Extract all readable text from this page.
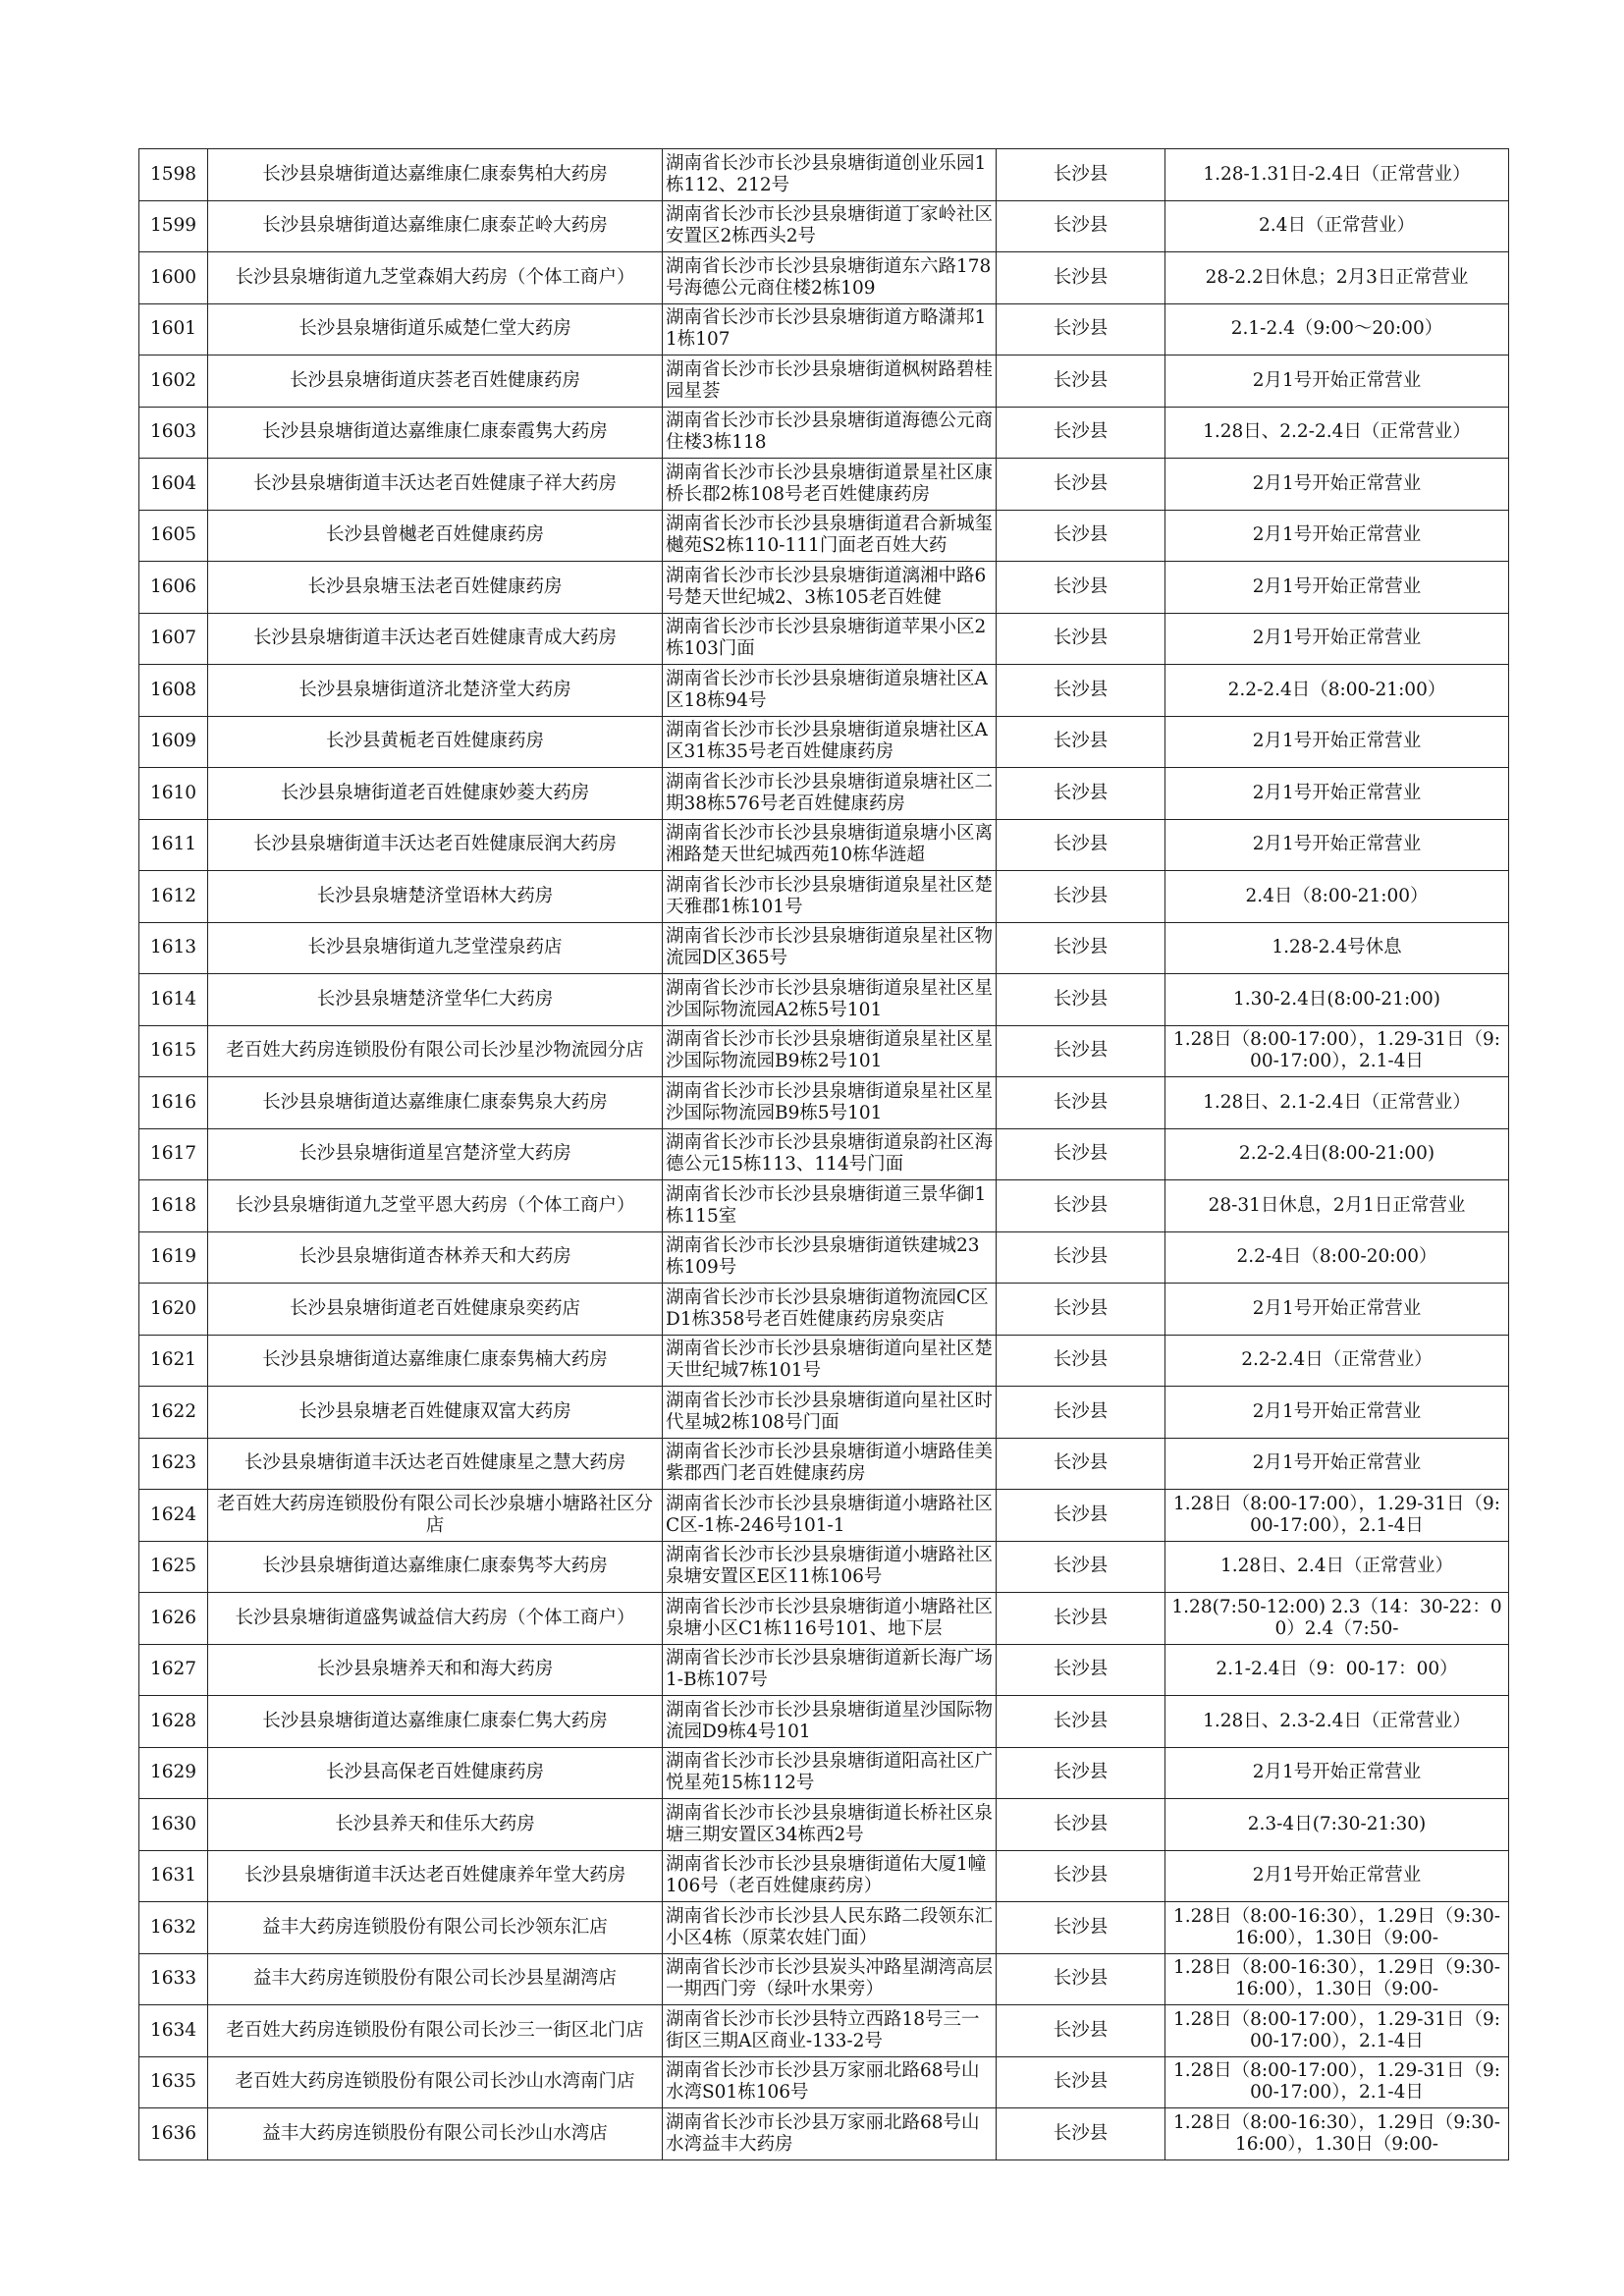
1598	长沙县泉塘街道达嘉维康仁康泰隽柏大药房	湖南省长沙市长沙县泉塘街道创业乐园1栋112、212号	长沙县	1.28-1.31日-2.4日（正常营业）

1599	长沙县泉塘街道达嘉维康仁康泰芷岭大药房	湖南省长沙市长沙县泉塘街道丁家岭社区安置区2栋西头2号	长沙县	2.4日（正常营业）

1600	长沙县泉塘街道九芝堂森娟大药房（个体工商户）	湖南省长沙市长沙县泉塘街道东六路178号海德公元商住楼2栋109	长沙县	28-2.2日休息；2月3日正常营业

1601	长沙县泉塘街道乐威楚仁堂大药房	湖南省长沙市长沙县泉塘街道方略潇邦11栋107	长沙县	2.1-2.4（9:00～20:00）

1602	长沙县泉塘街道庆荟老百姓健康药房	湖南省长沙市长沙县泉塘街道枫树路碧桂园星荟	长沙县	2月1号开始正常营业

1603	长沙县泉塘街道达嘉维康仁康泰霞隽大药房	湖南省长沙市长沙县泉塘街道海德公元商住楼3栋118	长沙县	1.28日、2.2-2.4日（正常营业）

1604	长沙县泉塘街道丰沃达老百姓健康子祥大药房	湖南省长沙市长沙县泉塘街道景星社区康桥长郡2栋108号老百姓健康药房	长沙县	2月1号开始正常营业

1605	长沙县曾樾老百姓健康药房	湖南省长沙市长沙县泉塘街道君合新城玺樾苑S2栋110-111门面老百姓大药	长沙县	2月1号开始正常营业

1606	长沙县泉塘玉法老百姓健康药房	湖南省长沙市长沙县泉塘街道漓湘中路6号楚天世纪城2、3栋105老百姓健	长沙县	2月1号开始正常营业

1607	长沙县泉塘街道丰沃达老百姓健康青成大药房	湖南省长沙市长沙县泉塘街道苹果小区2栋103门面	长沙县	2月1号开始正常营业

1608	长沙县泉塘街道济北楚济堂大药房	湖南省长沙市长沙县泉塘街道泉塘社区A区18栋94号	长沙县	2.2-2.4日（8:00-21:00）

1609	长沙县黄栀老百姓健康药房	湖南省长沙市长沙县泉塘街道泉塘社区A区31栋35号老百姓健康药房	长沙县	2月1号开始正常营业

1610	长沙县泉塘街道老百姓健康妙菱大药房	湖南省长沙市长沙县泉塘街道泉塘社区二期38栋576号老百姓健康药房	长沙县	2月1号开始正常营业

1611	长沙县泉塘街道丰沃达老百姓健康辰润大药房	湖南省长沙市长沙县泉塘街道泉塘小区离湘路楚天世纪城西苑10栋华涟超	长沙县	2月1号开始正常营业

1612	长沙县泉塘楚济堂语林大药房	湖南省长沙市长沙县泉塘街道泉星社区楚天雅郡1栋101号	长沙县	2.4日（8:00-21:00）

1613	长沙县泉塘街道九芝堂滢泉药店	湖南省长沙市长沙县泉塘街道泉星社区物流园D区365号	长沙县	1.28-2.4号休息

1614	长沙县泉塘楚济堂华仁大药房	湖南省长沙市长沙县泉塘街道泉星社区星沙国际物流园A2栋5号101	长沙县	1.30-2.4日(8:00-21:00)

1615	老百姓大药房连锁股份有限公司长沙星沙物流园分店	湖南省长沙市长沙县泉塘街道泉星社区星沙国际物流园B9栋2号101	长沙县	1.28日（8:00-17:00），1.29-31日（9:00-17:00），2.1-4日

1616	长沙县泉塘街道达嘉维康仁康泰隽泉大药房	湖南省长沙市长沙县泉塘街道泉星社区星沙国际物流园B9栋5号101	长沙县	1.28日、2.1-2.4日（正常营业）

1617	长沙县泉塘街道星宫楚济堂大药房	湖南省长沙市长沙县泉塘街道泉韵社区海德公元15栋113、114号门面	长沙县	2.2-2.4日(8:00-21:00)

1618	长沙县泉塘街道九芝堂平恩大药房（个体工商户）	湖南省长沙市长沙县泉塘街道三景华御1栋115室	长沙县	28-31日休息，2月1日正常营业

1619	长沙县泉塘街道杏林养天和大药房	湖南省长沙市长沙县泉塘街道铁建城23栋109号	长沙县	2.2-4日（8:00-20:00）

1620	长沙县泉塘街道老百姓健康泉奕药店	湖南省长沙市长沙县泉塘街道物流园C区D1栋358号老百姓健康药房泉奕店	长沙县	2月1号开始正常营业

1621	长沙县泉塘街道达嘉维康仁康泰隽楠大药房	湖南省长沙市长沙县泉塘街道向星社区楚天世纪城7栋101号	长沙县	2.2-2.4日（正常营业）

1622	长沙县泉塘老百姓健康双富大药房	湖南省长沙市长沙县泉塘街道向星社区时代星城2栋108号门面	长沙县	2月1号开始正常营业

1623	长沙县泉塘街道丰沃达老百姓健康星之慧大药房	湖南省长沙市长沙县泉塘街道小塘路佳美紫郡西门老百姓健康药房	长沙县	2月1号开始正常营业

1624	老百姓大药房连锁股份有限公司长沙泉塘小塘路社区分店	湖南省长沙市长沙县泉塘街道小塘路社区C区-1栋-246号101-1	长沙县	1.28日（8:00-17:00），1.29-31日（9:00-17:00），2.1-4日

1625	长沙县泉塘街道达嘉维康仁康泰隽芩大药房	湖南省长沙市长沙县泉塘街道小塘路社区泉塘安置区E区11栋106号	长沙县	1.28日、2.4日（正常营业）

1626	长沙县泉塘街道盛隽诚益信大药房（个体工商户）	湖南省长沙市长沙县泉塘街道小塘路社区泉塘小区C1栋116号101、地下层	长沙县	1.28(7:50-12:00) 2.3（14：30-22：00）2.4（7:50-

1627	长沙县泉塘养天和和海大药房	湖南省长沙市长沙县泉塘街道新长海广场1-B栋107号	长沙县	2.1-2.4日（9：00-17：00）

1628	长沙县泉塘街道达嘉维康仁康泰仁隽大药房	湖南省长沙市长沙县泉塘街道星沙国际物流园D9栋4号101	长沙县	1.28日、2.3-2.4日（正常营业）

1629	长沙县高保老百姓健康药房	湖南省长沙市长沙县泉塘街道阳高社区广悦星苑15栋112号	长沙县	2月1号开始正常营业

1630	长沙县养天和佳乐大药房	湖南省长沙市长沙县泉塘街道长桥社区泉塘三期安置区34栋西2号	长沙县	2.3-4日(7:30-21:30)

1631	长沙县泉塘街道丰沃达老百姓健康养年堂大药房	湖南省长沙市长沙县泉塘街道佑大厦1幢106号（老百姓健康药房）	长沙县	2月1号开始正常营业

1632	益丰大药房连锁股份有限公司长沙领东汇店	湖南省长沙市长沙县人民东路二段领东汇小区4栋（原菜农娃门面）	长沙县	1.28日（8:00-16:30），1.29日（9:30-16:00），1.30日（9:00-

1633	益丰大药房连锁股份有限公司长沙县星湖湾店	湖南省长沙市长沙县炭头冲路星湖湾高层一期西门旁（绿叶水果旁）	长沙县	1.28日（8:00-16:30），1.29日（9:30-16:00），1.30日（9:00-

1634	老百姓大药房连锁股份有限公司长沙三一街区北门店	湖南省长沙市长沙县特立西路18号三一街区三期A区商业-133-2号	长沙县	1.28日（8:00-17:00），1.29-31日（9:00-17:00），2.1-4日

1635	老百姓大药房连锁股份有限公司长沙山水湾南门店	湖南省长沙市长沙县万家丽北路68号山水湾S01栋106号	长沙县	1.28日（8:00-17:00），1.29-31日（9:00-17:00），2.1-4日

1636	益丰大药房连锁股份有限公司长沙山水湾店	湖南省长沙市长沙县万家丽北路68号山水湾益丰大药房	长沙县	1.28日（8:00-16:30），1.29日（9:30-16:00），1.30日（9:00-
